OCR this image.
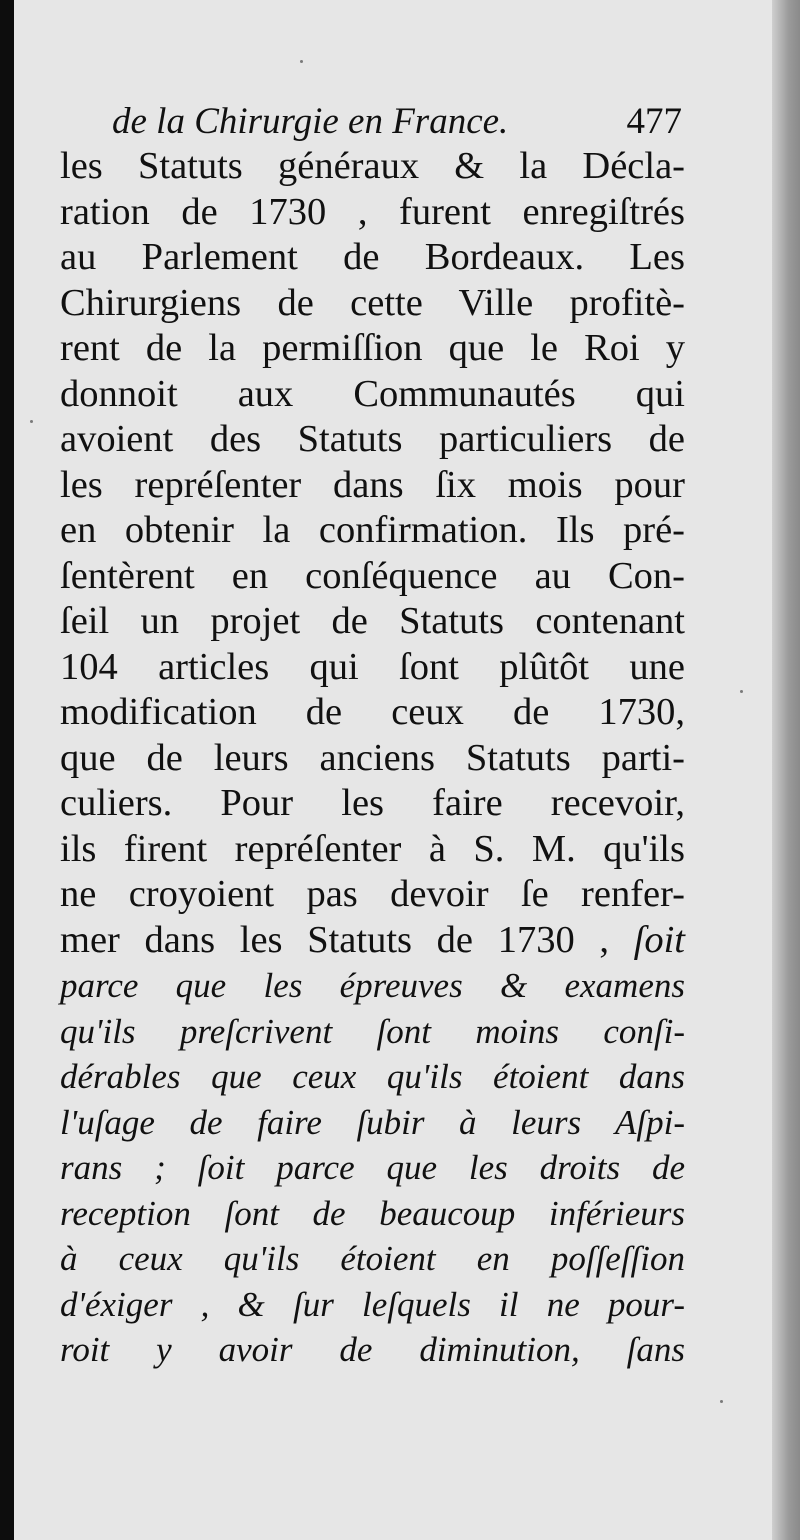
de la Chirurgie en France.	477
les Statuts généraux & la Décla-
ration de 1730 , furent enregiſtrés
au Parlement de Bordeaux. Les
Chirurgiens de cette Ville profitè-
rent de la permiſſion que le Roi y
donnoit aux Communautés qui
avoient des Statuts particuliers de
les repréſenter dans ſix mois pour
en obtenir la confirmation. Ils pré-
ſentèrent en conſéquence au Con-
ſeil un projet de Statuts contenant
104 articles qui ſont plûtôt une
modification de ceux de 1730,
que de leurs anciens Statuts parti-
culiers. Pour les faire recevoir,
ils firent repréſenter à S. M. qu'ils
ne croyoient pas devoir ſe renfer-
mer dans les Statuts de 1730 , ſoit
parce que les épreuves & examens
qu'ils preſcrivent ſont moins conſi-
dérables que ceux qu'ils étoient dans
l'uſage de faire ſubir à leurs Aſpi-
rans ; ſoit parce que les droits de
reception ſont de beaucoup inférieurs
à ceux qu'ils étoient en poſſeſſion
d'éxiger , & ſur leſquels il ne pour-
roit y avoir de diminution, ſans
